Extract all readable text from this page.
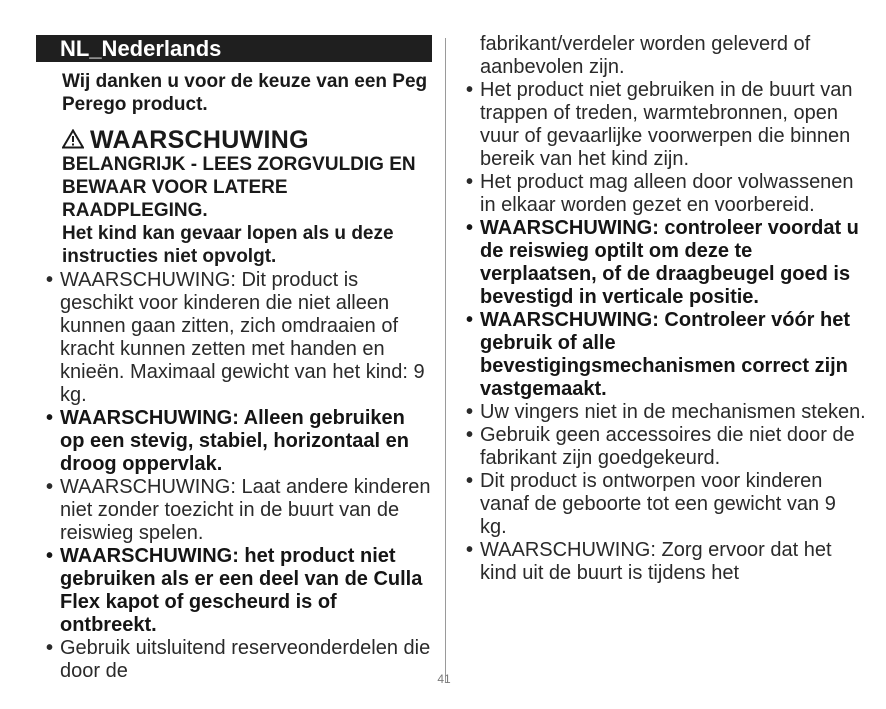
NL_Nederlands
Wij danken u voor de keuze van een Peg Perego product.
WAARSCHUWING
BELANGRIJK - LEES ZORGVULDIG EN BEWAAR VOOR LATERE RAADPLEGING.
Het kind kan gevaar lopen als u deze instructies niet opvolgt.
• WAARSCHUWING: Dit product is geschikt voor kinderen die niet alleen kunnen gaan zitten, zich omdraaien of kracht kunnen zetten met handen en knieën. Maximaal gewicht van het kind: 9 kg.
• WAARSCHUWING: Alleen gebruiken op een stevig, stabiel, horizontaal en droog oppervlak.
• WAARSCHUWING: Laat andere kinderen niet zonder toezicht in de buurt van de reiswieg spelen.
• WAARSCHUWING: het product niet gebruiken als er een deel van de Culla Flex kapot of gescheurd is of ontbreekt.
• Gebruik uitsluitend reserveonderdelen die door de
fabrikant/verdeler worden geleverd of aanbevolen zijn.
• Het product niet gebruiken in de buurt van trappen of treden, warmtebronnen, open vuur of gevaarlijke voorwerpen die binnen bereik van het kind zijn.
• Het product mag alleen door volwassenen in elkaar worden gezet en voorbereid.
• WAARSCHUWING: controleer voordat u de reiswieg optilt om deze te verplaatsen, of de draagbeugel goed is bevestigd in verticale positie.
• WAARSCHUWING: Controleer vóór het gebruik of alle bevestigingsmechanismen correct zijn vastgemaakt.
• Uw vingers niet in de mechanismen steken.
• Gebruik geen accessoires die niet door de fabrikant zijn goedgekeurd.
• Dit product is ontworpen voor kinderen vanaf de geboorte tot een gewicht van 9 kg.
• WAARSCHUWING: Zorg ervoor dat het kind uit de buurt is tijdens het
41
